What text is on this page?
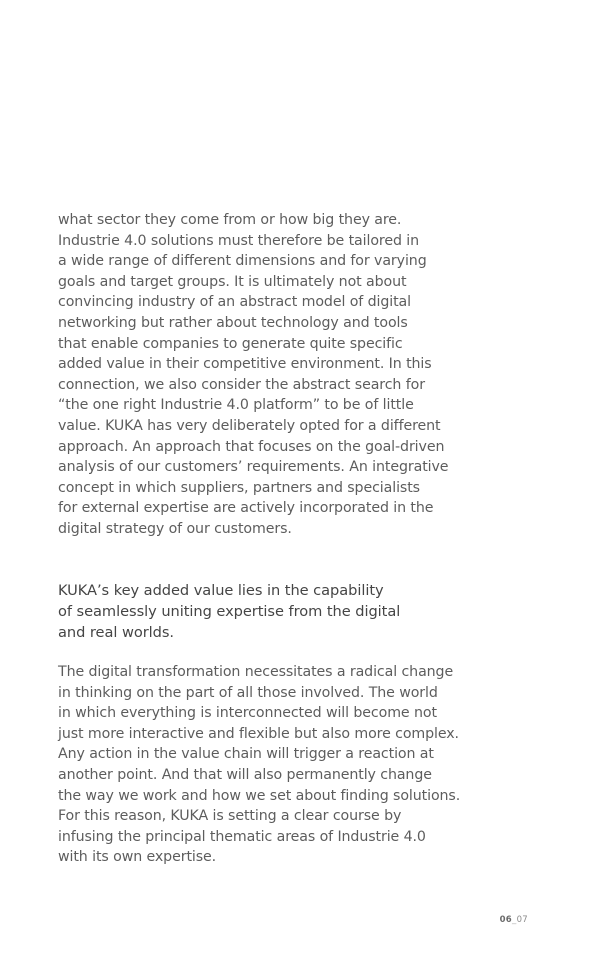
what sector they come from or how big they are.
Industrie 4.0 solutions must therefore be tailored in
a wide range of different dimensions and for varying
goals and target groups. It is ultimately not about
convincing industry of an abstract model of digital
networking but rather about technology and tools
that enable companies to generate quite specific
added value in their competitive environment. In this
connection, we also consider the abstract search for
“the one right Industrie 4.0 platform” to be of little
value. KUKA has very deliberately opted for a different
approach. An approach that focuses on the goal-driven
analysis of our customers’ requirements. An integrative
concept in which suppliers, partners and specialists
for external expertise are actively incorporated in the
digital strategy of our customers.

KUKA’s key added value lies in the capability
of seamlessly uniting expertise from the digital
and real worlds.

The digital transformation necessitates a radical change
in thinking on the part of all those involved. The world
in which everything is interconnected will become not
just more interactive and flexible but also more complex.
Any action in the value chain will trigger a reaction at
another point. And that will also permanently change
the way we work and how we set about finding solutions.
For this reason, KUKA is setting a clear course by
infusing the principal thematic areas of Industrie 4.0
with its own expertise.

06_07
